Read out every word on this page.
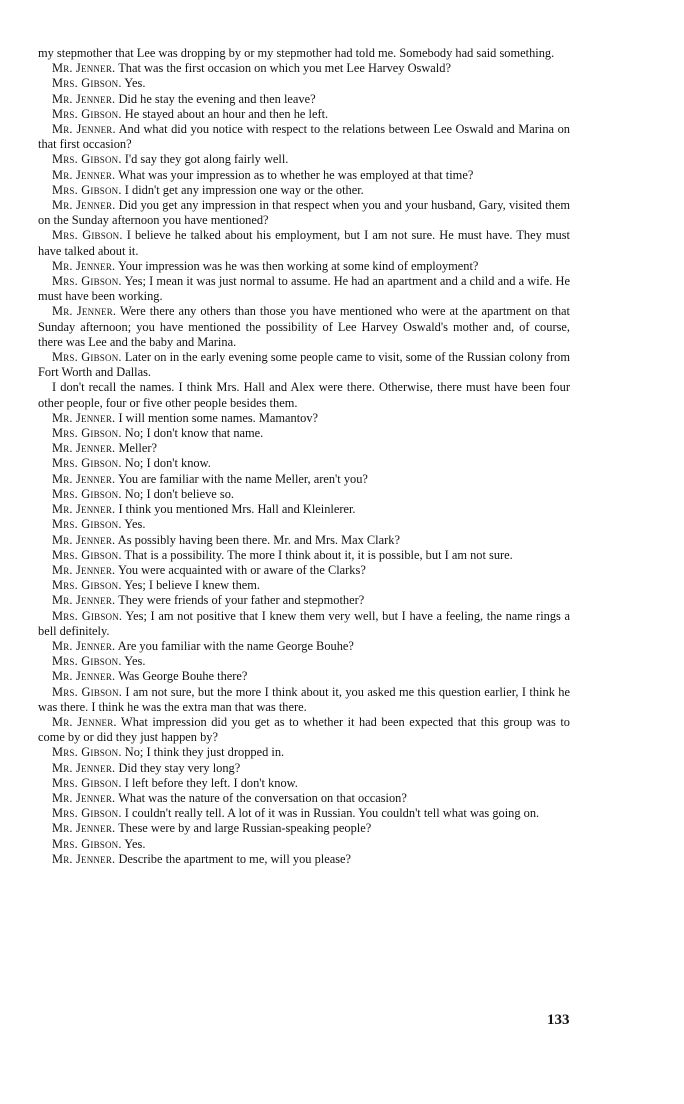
my stepmother that Lee was dropping by or my stepmother had told me. Somebody had said something.

Mr. Jenner. That was the first occasion on which you met Lee Harvey Oswald?

Mrs. Gibson. Yes.

Mr. Jenner. Did he stay the evening and then leave?

Mrs. Gibson. He stayed about an hour and then he left.

Mr. Jenner. And what did you notice with respect to the relations between Lee Oswald and Marina on that first occasion?

Mrs. Gibson. I'd say they got along fairly well.

Mr. Jenner. What was your impression as to whether he was employed at that time?

Mrs. Gibson. I didn't get any impression one way or the other.

Mr. Jenner. Did you get any impression in that respect when you and your husband, Gary, visited them on the Sunday afternoon you have mentioned?

Mrs. Gibson. I believe he talked about his employment, but I am not sure. He must have. They must have talked about it.

Mr. Jenner. Your impression was he was then working at some kind of employment?

Mrs. Gibson. Yes; I mean it was just normal to assume. He had an apartment and a child and a wife. He must have been working.

Mr. Jenner. Were there any others than those you have mentioned who were at the apartment on that Sunday afternoon; you have mentioned the possibility of Lee Harvey Oswald's mother and, of course, there was Lee and the baby and Marina.

Mrs. Gibson. Later on in the early evening some people came to visit, some of the Russian colony from Fort Worth and Dallas.

I don't recall the names. I think Mrs. Hall and Alex were there. Otherwise, there must have been four other people, four or five other people besides them.

Mr. Jenner. I will mention some names. Mamantov?

Mrs. Gibson. No; I don't know that name.

Mr. Jenner. Meller?

Mrs. Gibson. No; I don't know.

Mr. Jenner. You are familiar with the name Meller, aren't you?

Mrs. Gibson. No; I don't believe so.

Mr. Jenner. I think you mentioned Mrs. Hall and Kleinlerer.

Mrs. Gibson. Yes.

Mr. Jenner. As possibly having been there. Mr. and Mrs. Max Clark?

Mrs. Gibson. That is a possibility. The more I think about it, it is possible, but I am not sure.

Mr. Jenner. You were acquainted with or aware of the Clarks?

Mrs. Gibson. Yes; I believe I knew them.

Mr. Jenner. They were friends of your father and stepmother?

Mrs. Gibson. Yes; I am not positive that I knew them very well, but I have a feeling, the name rings a bell definitely.

Mr. Jenner. Are you familiar with the name George Bouhe?

Mrs. Gibson. Yes.

Mr. Jenner. Was George Bouhe there?

Mrs. Gibson. I am not sure, but the more I think about it, you asked me this question earlier, I think he was there. I think he was the extra man that was there.

Mr. Jenner. What impression did you get as to whether it had been expected that this group was to come by or did they just happen by?

Mrs. Gibson. No; I think they just dropped in.

Mr. Jenner. Did they stay very long?

Mrs. Gibson. I left before they left. I don't know.

Mr. Jenner. What was the nature of the conversation on that occasion?

Mrs. Gibson. I couldn't really tell. A lot of it was in Russian. You couldn't tell what was going on.

Mr. Jenner. These were by and large Russian-speaking people?

Mrs. Gibson. Yes.

Mr. Jenner. Describe the apartment to me, will you please?

133
